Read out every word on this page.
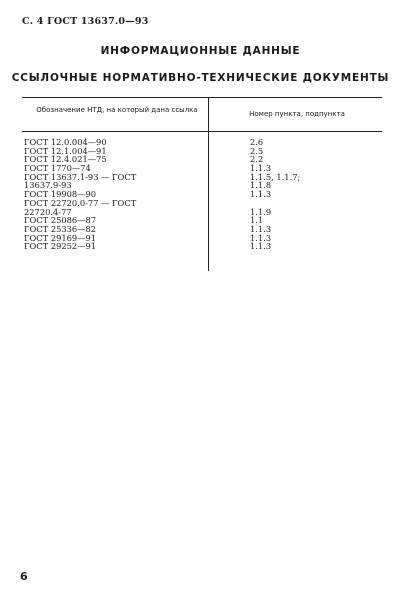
С. 4 ГОСТ 13637.0—93
ИНФОРМАЦИОННЫЕ ДАННЫЕ
ССЫЛОЧНЫЕ НОРМАТИВНО-ТЕХНИЧЕСКИЕ ДОКУМЕНТЫ
Обозначение НТД, на который дана ссылка	Номер пункта, подпункта
ГОСТ 12.0.004—90
ГОСТ 12.1.004—91
ГОСТ 12.4.021—75
ГОСТ 1770—74
ГОСТ 13637.1-93 — ГОСТ
13637.9-93
ГОСТ 19908—90
ГОСТ 22720.0-77 — ГОСТ
22720.4-77
ГОСТ 25086—87
ГОСТ 25336—82
ГОСТ 29169—91
ГОСТ 29252—91
2.6
2.5
2.2
1.1.3
1.1.5, 1.1.7;
1.1.8
1.1.3
1.1.9
1.1
1.1.3
1.1.3
1.1.3
6
